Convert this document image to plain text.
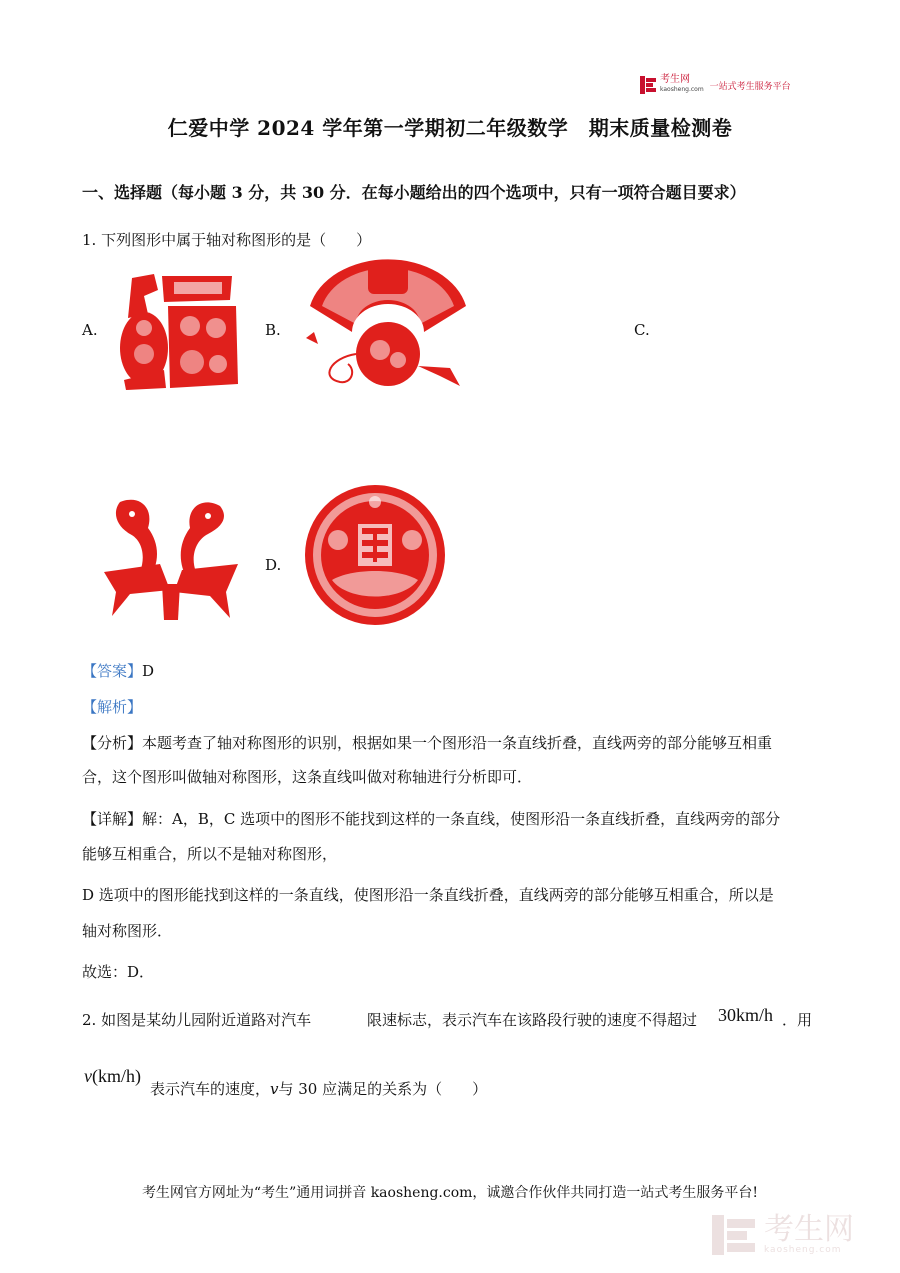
考生网
kaosheng.com 一站式考生服务平台
仁爱中学 2024 学年第一学期初二年级数学　期末质量检测卷
一、选择题（每小题 3 分，共 30 分．在每小题给出的四个选项中，只有一项符合题目要求）
1. 下列图形中属于轴对称图形的是（　　）
A.	B.	C.
D.
【答案】D
【解析】
【分析】本题考查了轴对称图形的识别，根据如果一个图形沿一条直线折叠，直线两旁的部分能够互相重
合，这个图形叫做轴对称图形，这条直线叫做对称轴进行分析即可．
【详解】解：A，B，C 选项中的图形不能找到这样的一条直线，使图形沿一条直线折叠，直线两旁的部分
能够互相重合，所以不是轴对称图形，
D 选项中的图形能找到这样的一条直线，使图形沿一条直线折叠，直线两旁的部分能够互相重合，所以是
轴对称图形．
故选：D．
2. 如图是某幼儿园附近道路对汽车	限速标志，表示汽车在该路段行驶的速度不得超过 30km/h ．用
v(km/h)
表示汽车的速度，v与 30 应满足的关系为（　　）
考生网官方网址为“考生”通用词拼音 kaosheng.com，诚邀合作伙伴共同打造一站式考生服务平台!
考生网
kaosheng.com
